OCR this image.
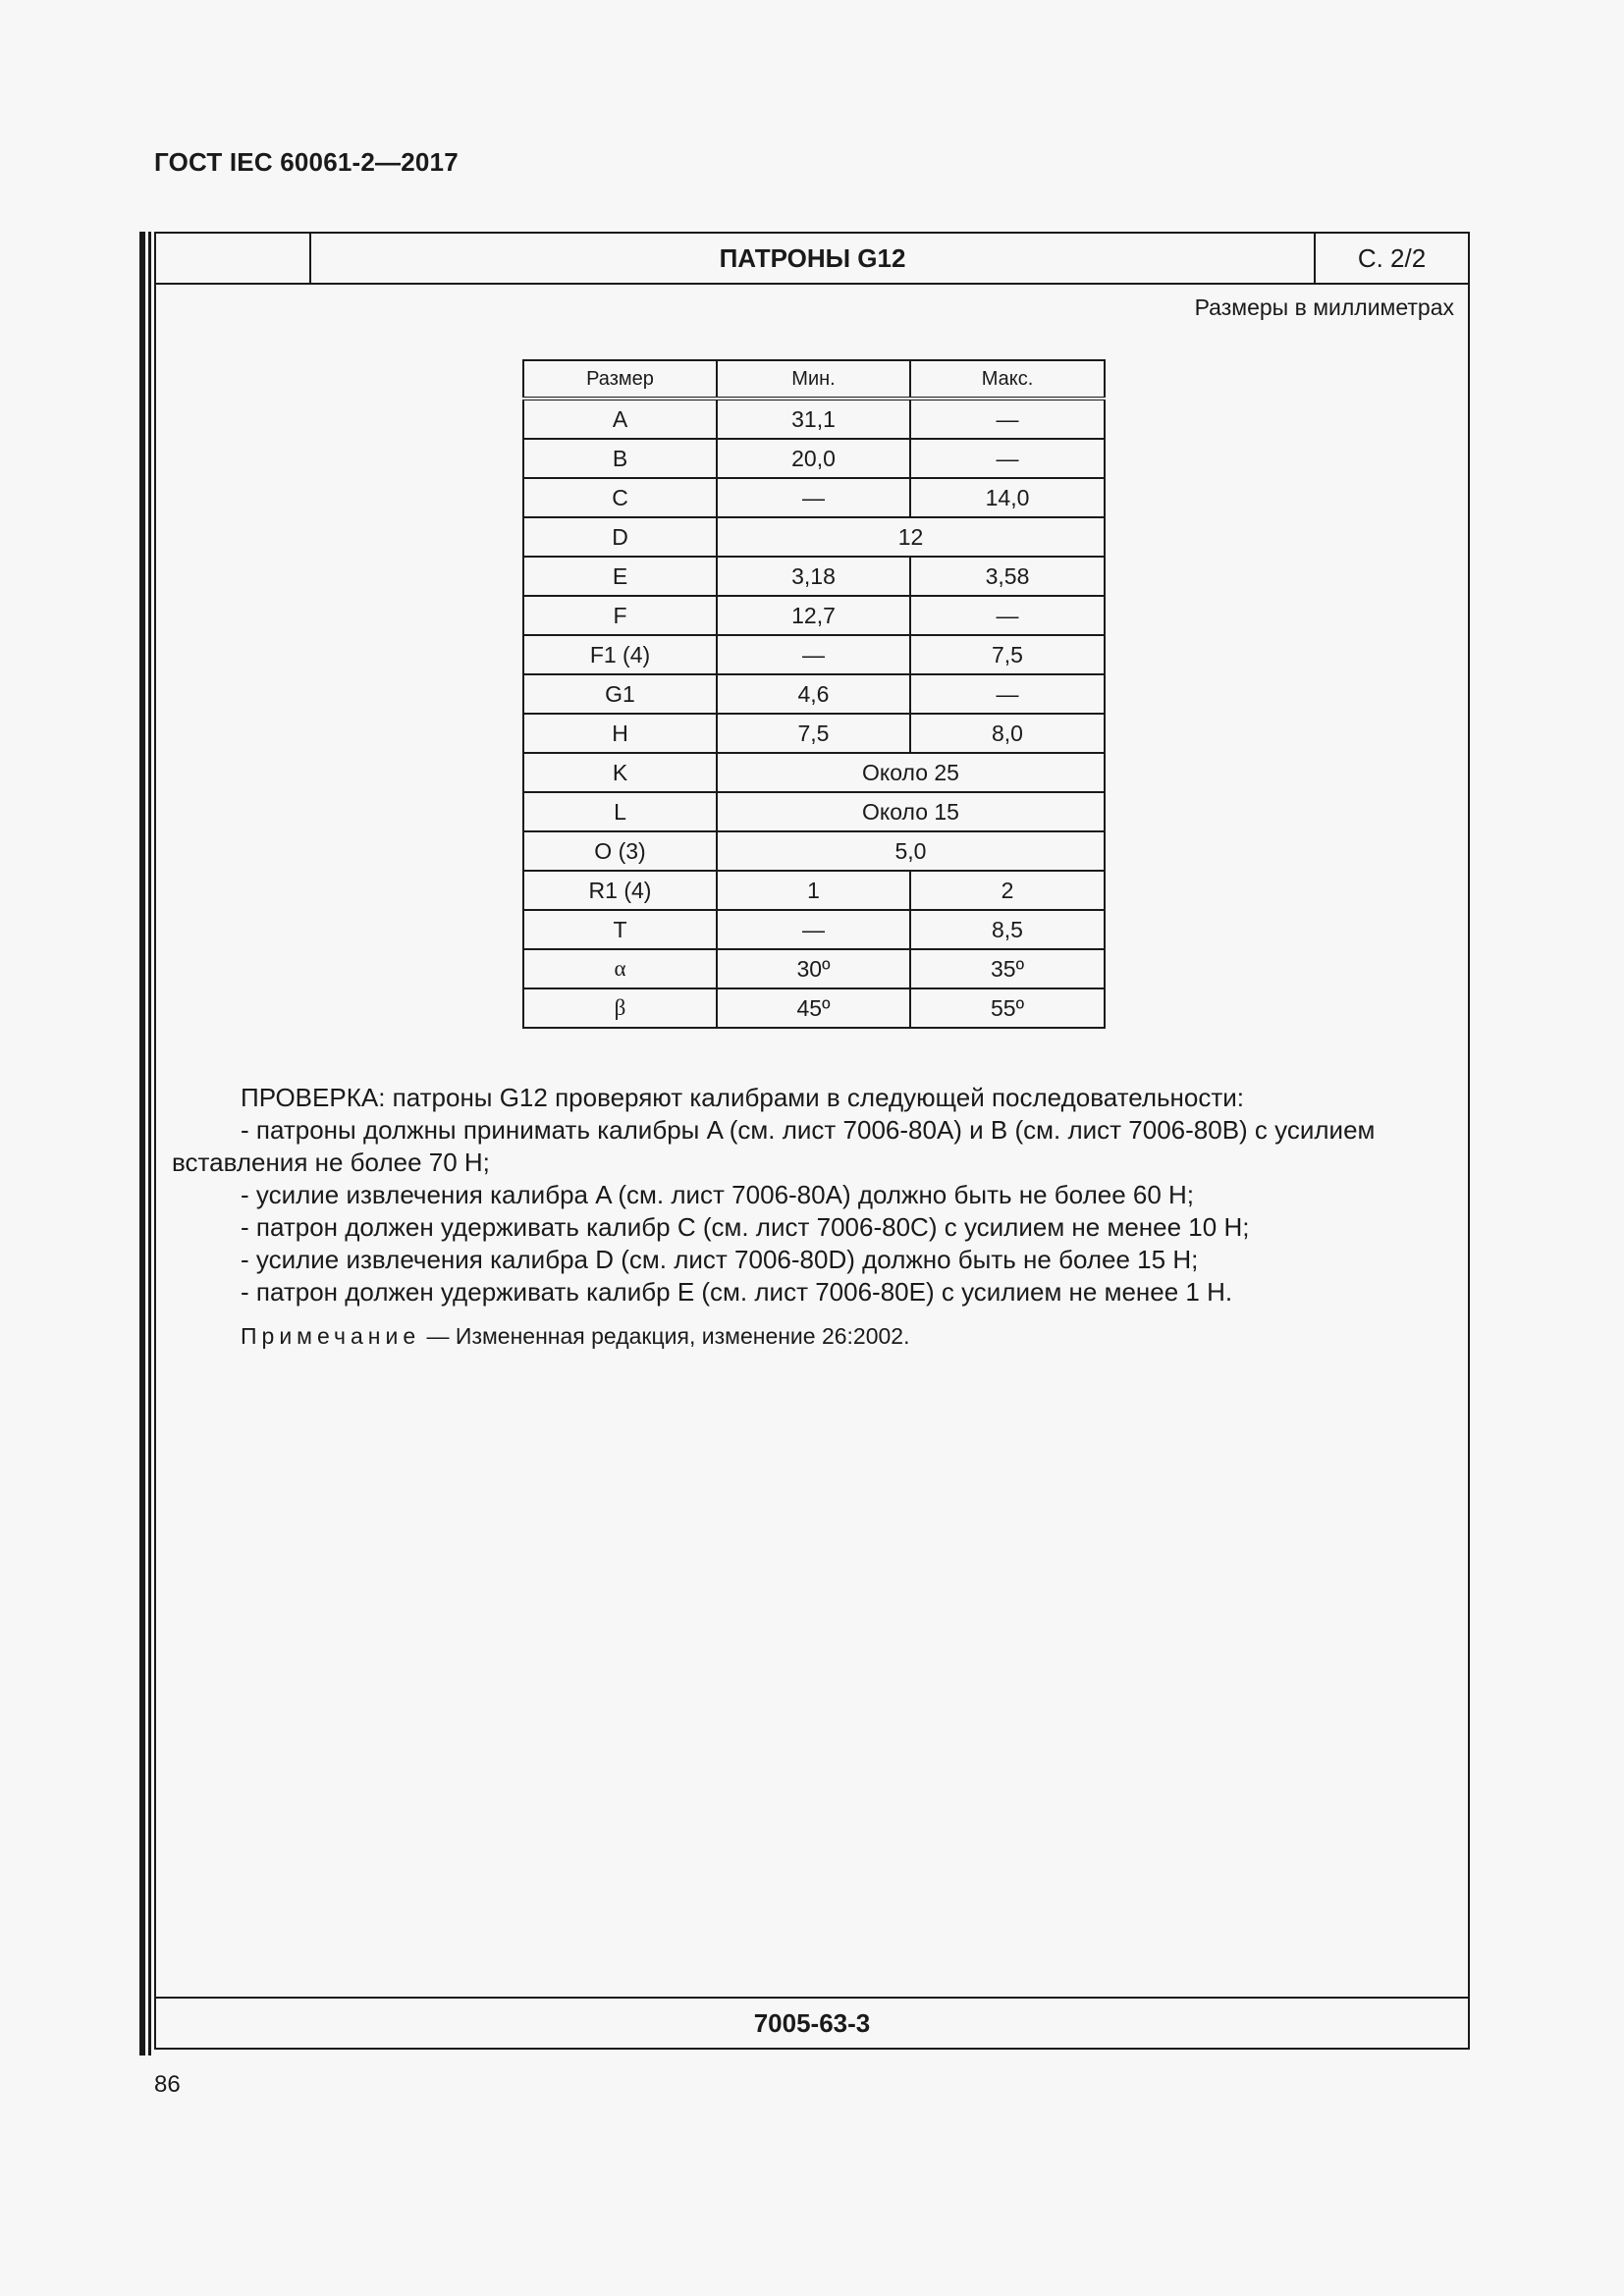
ГОСТ IEC 60061-2—2017
ПАТРОНЫ G12	С. 2/2
Размеры в миллиметрах
Размер	Мин.	Макс.
A	31,1	—
B	20,0	—
C	—	14,0
D	12	
E	3,18	3,58
F	12,7	—
F1 (4)	—	7,5
G1	4,6	—
H	7,5	8,0
K	Около 25	
L	Около 15	
O (3)	5,0	
R1 (4)	1	2
T	—	8,5
α	30º	35º
β	45º	55º

ПРОВЕРКА: патроны G12 проверяют калибрами в следующей последовательности:

- патроны должны принимать калибры A (см. лист 7006-80A) и B (см. лист 7006-80B) с усилием вставления не более 70 Н;

- усилие извлечения калибра A (см. лист 7006-80A) должно быть не более 60 Н;

- патрон должен удерживать калибр C (см. лист 7006-80C) с усилием не менее 10 Н;

- усилие извлечения калибра D (см. лист 7006-80D) должно быть не более 15 Н;

- патрон должен удерживать калибр E (см. лист 7006-80E) с усилием не менее 1 Н.

Примечание — Измененная редакция, изменение 26:2002.

7005-63-3
86
